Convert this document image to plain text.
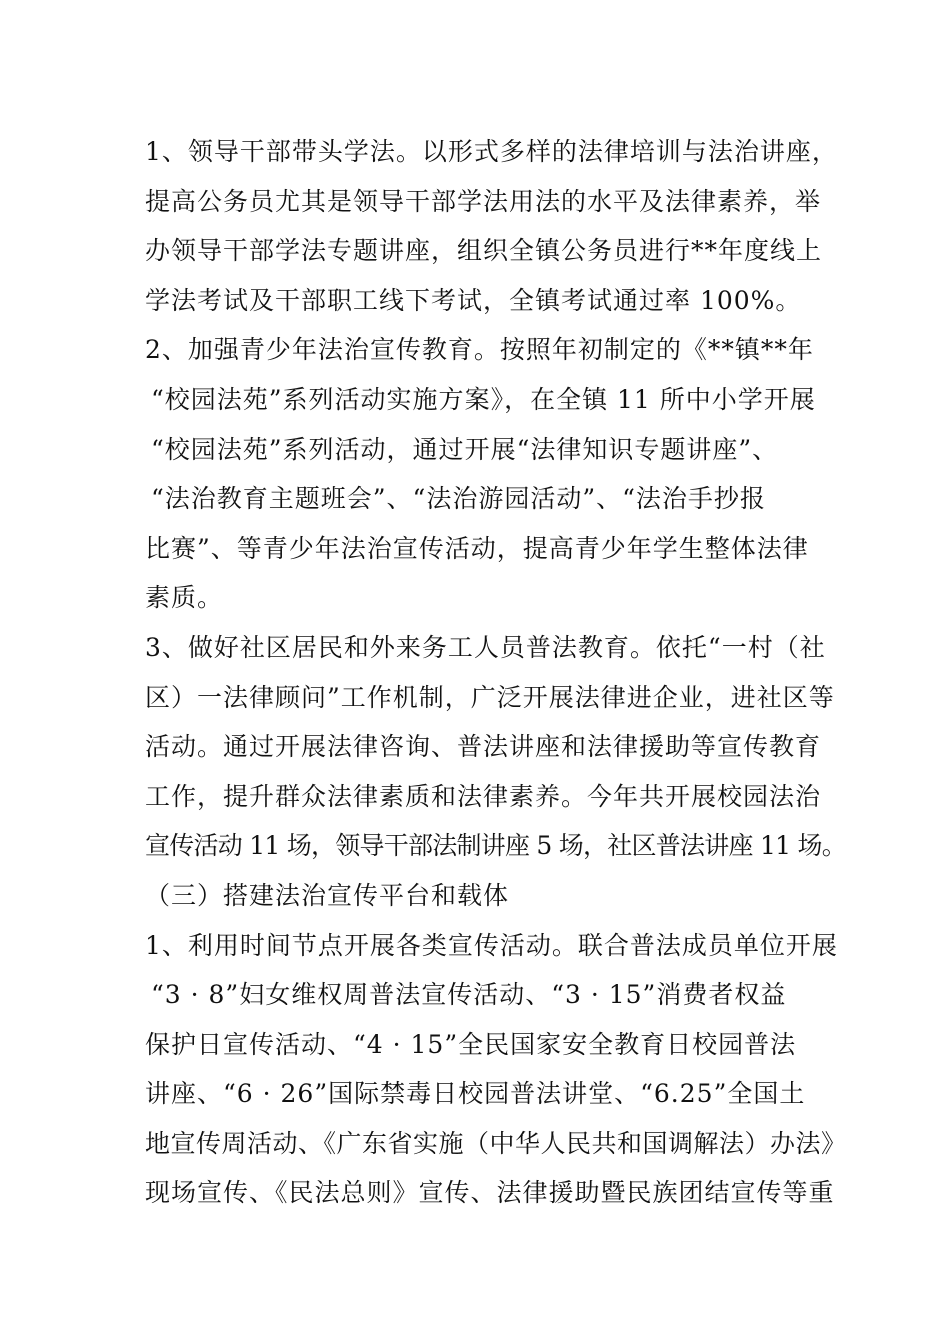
1、领导干部带头学法。以形式多样的法律培训与法治讲座，
提高公务员尤其是领导干部学法用法的水平及法律素养，举
办领导干部学法专题讲座，组织全镇公务员进行**年度线上
学法考试及干部职工线下考试，全镇考试通过率 100%。
2、加强青少年法治宣传教育。按照年初制定的《**镇**年
“校园法苑”系列活动实施方案》，在全镇 11 所中小学开展
“校园法苑”系列活动，通过开展“法律知识专题讲座”、
“法治教育主题班会”、“法治游园活动”、“法治手抄报
比赛”、等青少年法治宣传活动，提高青少年学生整体法律
素质。
3、做好社区居民和外来务工人员普法教育。依托“一村（社
区）一法律顾问”工作机制，广泛开展法律进企业，进社区等
活动。通过开展法律咨询、普法讲座和法律援助等宣传教育
工作，提升群众法律素质和法律素养。今年共开展校园法治
宣传活动 11 场，领导干部法制讲座 5 场，社区普法讲座 11 场。
（三）搭建法治宣传平台和载体
1、利用时间节点开展各类宣传活动。联合普法成员单位开展
“3 · 8”妇女维权周普法宣传活动、“3 · 15”消费者权益
保护日宣传活动、“4 · 15”全民国家安全教育日校园普法
讲座、“6 · 26”国际禁毒日校园普法讲堂、“6.25”全国土
地宣传周活动、《广东省实施（中华人民共和国调解法）办法》
现场宣传、《民法总则》宣传、法律援助暨民族团结宣传等重
